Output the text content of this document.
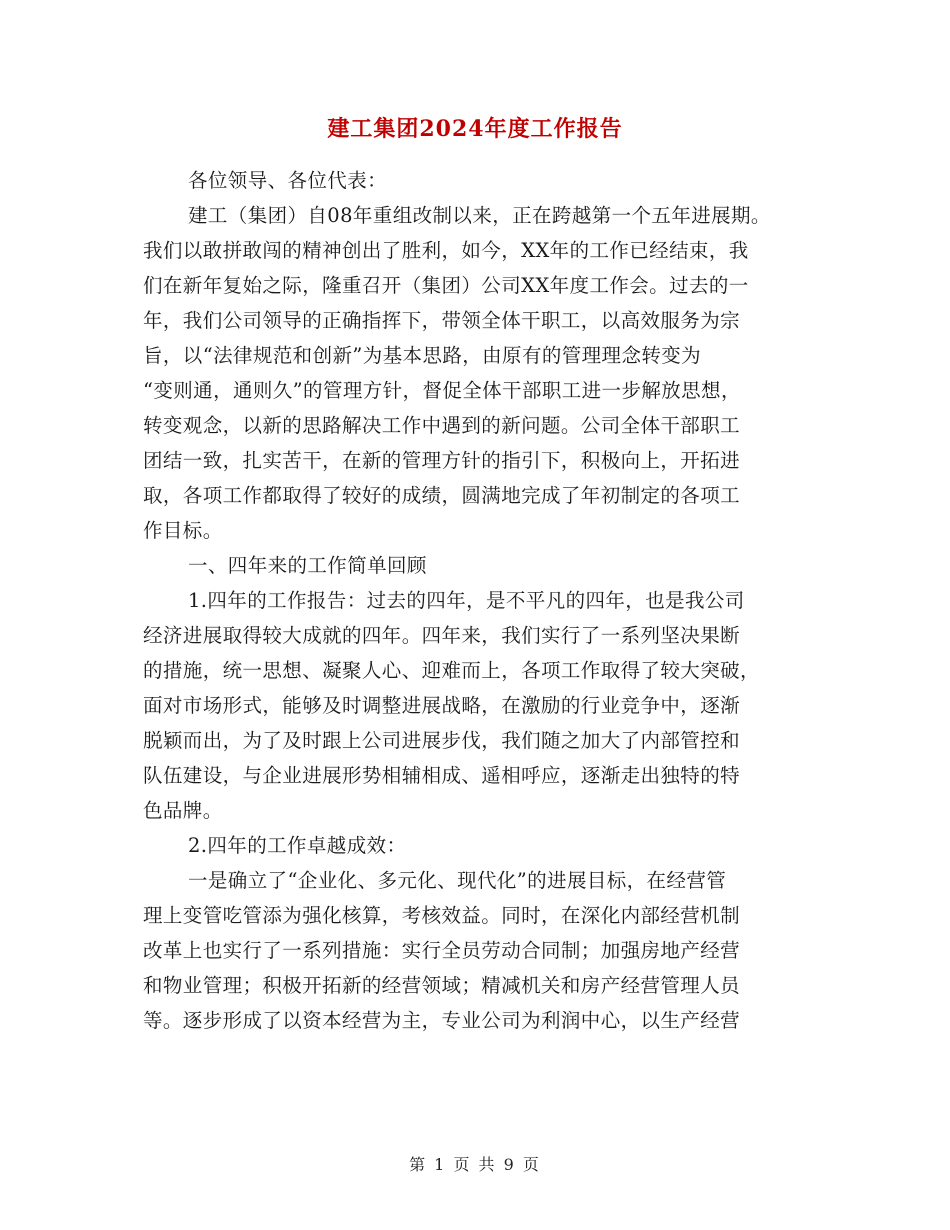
建工集团2024年度工作报告
各位领导、各位代表：
建工（集团）自08年重组改制以来，正在跨越第一个五年进展期。
我们以敢拼敢闯的精神创出了胜利，如今，XX年的工作已经结束，我
们在新年复始之际，隆重召开（集团）公司XX年度工作会。过去的一
年，我们公司领导的正确指挥下，带领全体干职工，以高效服务为宗
旨，以“法律规范和创新”为基本思路，由原有的管理理念转变为
“变则通，通则久”的管理方针，督促全体干部职工进一步解放思想，
转变观念，以新的思路解决工作中遇到的新问题。公司全体干部职工
团结一致，扎实苦干，在新的管理方针的指引下，积极向上，开拓进
取，各项工作都取得了较好的成绩，圆满地完成了年初制定的各项工
作目标。
一、四年来的工作简单回顾
1.四年的工作报告：过去的四年，是不平凡的四年，也是我公司
经济进展取得较大成就的四年。四年来，我们实行了一系列坚决果断
的措施，统一思想、凝聚人心、迎难而上，各项工作取得了较大突破，
面对市场形式，能够及时调整进展战略，在激励的行业竞争中，逐渐
脱颖而出，为了及时跟上公司进展步伐，我们随之加大了内部管控和
队伍建设，与企业进展形势相辅相成、遥相呼应，逐渐走出独特的特
色品牌。
2.四年的工作卓越成效：
一是确立了“企业化、多元化、现代化”的进展目标，在经营管
理上变管吃管添为强化核算，考核效益。同时，在深化内部经营机制
改革上也实行了一系列措施：实行全员劳动合同制；加强房地产经营
和物业管理；积极开拓新的经营领域；精减机关和房产经营管理人员
等。逐步形成了以资本经营为主，专业公司为利润中心，以生产经营
第 1 页 共 9 页
